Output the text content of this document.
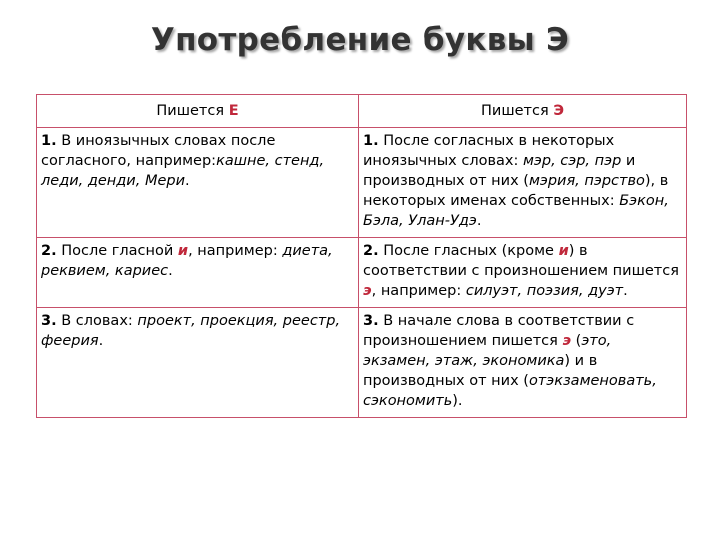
Употребление буквы Э
Пишется Е	Пишется Э
1. В иноязычных словах после согласного, например:кашне, стенд, леди, денди, Мери.	1. После согласных в некоторых иноязычных словах: мэр, сэр, пэр и производных от них (мэрия, пэрство), в некоторых именах собственных: Бэкон, Бэла, Улан-Удэ.
2. После гласной и, например: диета, реквием, кариес.	2. После гласных (кроме и) в соответствии с произношением пишется э, например: силуэт, поэзия, дуэт.
3. В словах: проект, проекция, реестр, феерия.	3. В начале слова в соответствии с произношением пишется э (это, экзамен, этаж, экономика) и в производных от них (отэкзаменовать, сэкономить).
